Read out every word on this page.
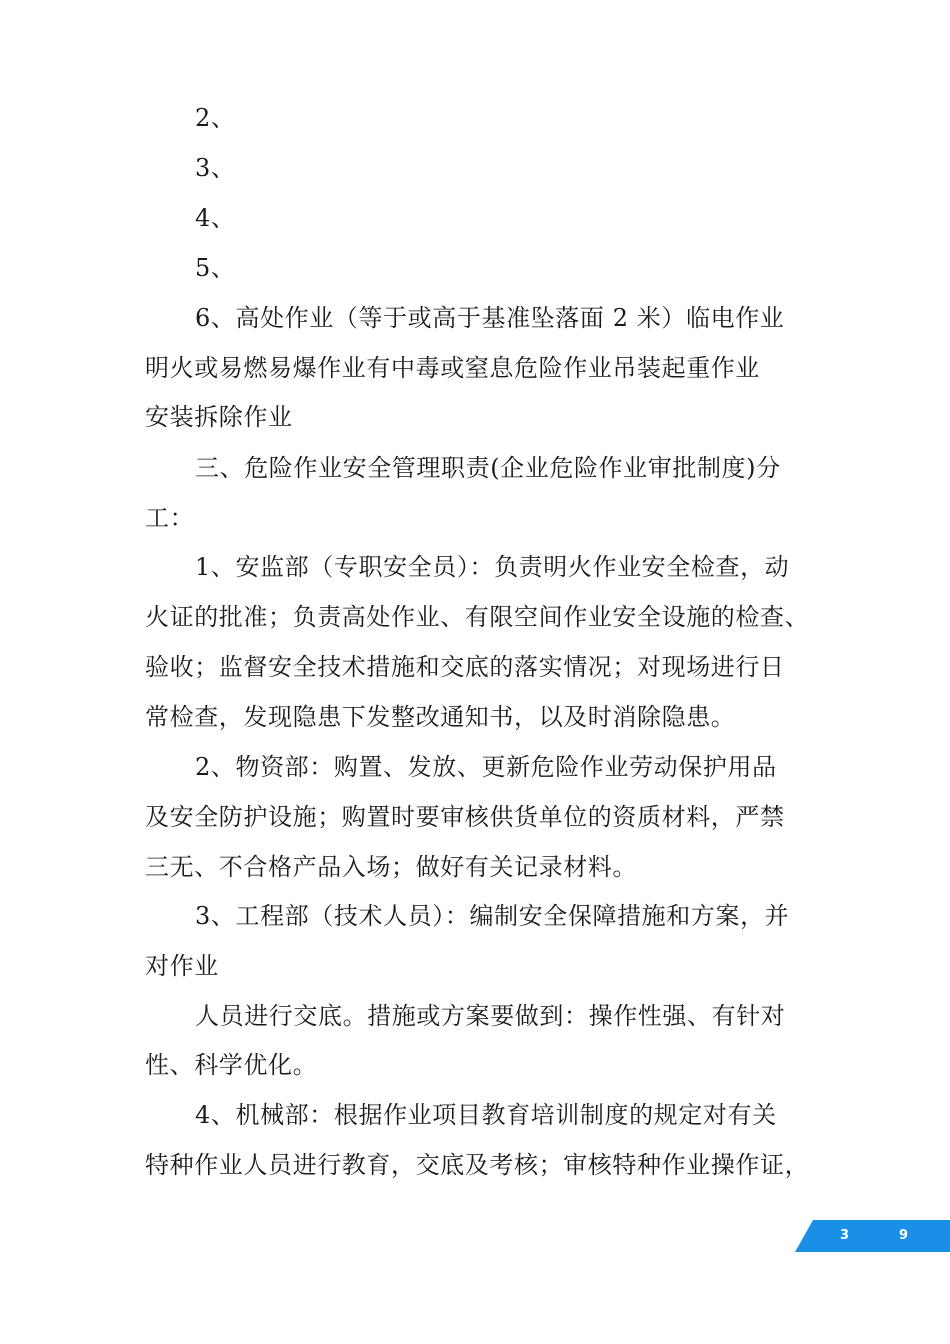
2、
3、
4、
5、
6、高处作业（等于或高于基准坠落面 2 米）临电作业
明火或易燃易爆作业有中毒或窒息危险作业吊装起重作业
安装拆除作业
三、危险作业安全管理职责(企业危险作业审批制度)分
工：
1、安监部（专职安全员）：负责明火作业安全检查，动
火证的批准；负责高处作业、有限空间作业安全设施的检查、
验收；监督安全技术措施和交底的落实情况；对现场进行日
常检查，发现隐患下发整改通知书，以及时消除隐患。
2、物资部：购置、发放、更新危险作业劳动保护用品
及安全防护设施；购置时要审核供货单位的资质材料，严禁
三无、不合格产品入场；做好有关记录材料。
3、工程部（技术人员）：编制安全保障措施和方案，并
对作业
人员进行交底。措施或方案要做到：操作性强、有针对
性、科学优化。
4、机械部：根据作业项目教育培训制度的规定对有关
特种作业人员进行教育，交底及考核；审核特种作业操作证，
3	9
